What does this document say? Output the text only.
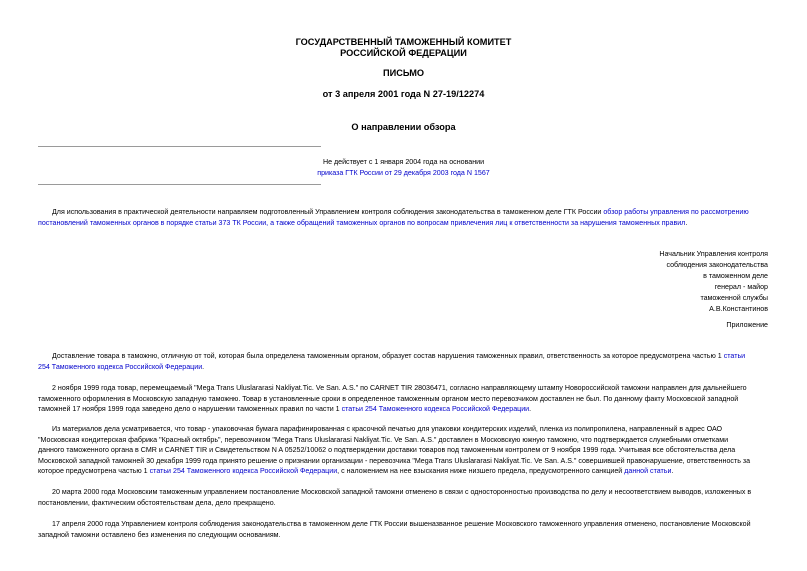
ГОСУДАРСТВЕННЫЙ ТАМОЖЕННЫЙ КОМИТЕТ
РОССИЙСКОЙ ФЕДЕРАЦИИ
ПИСЬМО
от 3 апреля 2001 года N 27-19/12274
О направлении обзора
Не действует с 1 января 2004 года на основании
приказа ГТК России от 29 декабря 2003 года N 1567
Для использования в практической деятельности направляем подготовленный Управлением контроля соблюдения законодательства в таможенном деле ГТК России обзор работы управления по рассмотрению
постановлений таможенных органов в порядке статьи 373 ТК России, а также обращений таможенных органов по вопросам привлечения лиц к ответственности за нарушения таможенных правил.
Начальник Управления контроля
соблюдения законодательства
в таможенном деле
генерал - майор
таможенной службы
А.В.Константинов
Приложение
Доставление товара в таможню, отличную от той, которая была определена таможенным органом, образует состав нарушения таможенных правил, ответственность за которое предусмотрена частью 1 статьи
254 Таможенного кодекса Российской Федерации.
2 ноября 1999 года товар, перемещаемый "Mega Trans Uluslararasi Nakliyat.Tic. Ve San. A.S." по CARNET TIR 28036471, согласно направляющему штампу Новороссийской таможни направлен для дальнейшего
таможенного оформления в Московскую западную таможню. Товар в установленные сроки в определенное таможенным органом место перевозчиком доставлен не был. По данному факту Московской западной
таможней 17 ноября 1999 года заведено дело о нарушении таможенных правил по части 1 статьи 254 Таможенного кодекса Российской Федерации.
Из материалов дела усматривается, что товар - упаковочная бумага парафинированная с красочной печатью для упаковки кондитерских изделий, пленка из полипропилена, направленный в адрес ОАО
"Московская кондитерская фабрика "Красный октябрь", перевозчиком "Mega Trans Uluslararasi Nakliyat.Tic. Ve San. A.S." доставлен в Московскую южную таможню, что подтверждается служебными отметками
данного таможенного органа в CMR и CARNET TIR и Свидетельством N A 05252/10062 о подтверждении доставки товаров под таможенным контролем от 9 ноября 1999 года. Учитывая все обстоятельства дела
Московской западной таможней 30 декабря 1999 года принято решение о признании организации - перевозчика "Mega Trans Uluslararasi Nakliyat.Tic. Ve San. A.S." совершившей правонарушение, ответственность за
которое предусмотрена частью 1 статьи 254 Таможенного кодекса Российской Федерации, с наложением на нее взыскания ниже низшего предела, предусмотренного санкцией данной статьи.
20 марта 2000 года Московским таможенным управлением постановление Московской западной таможни отменено в связи с односторонностью производства по делу и несоответствием выводов, изложенных в
постановлении, фактическим обстоятельствам дела, дело прекращено.
17 апреля 2000 года Управлением контроля соблюдения законодательства в таможенном деле ГТК России вышеназванное решение Московского таможенного управления отменено, постановление Московской
западной таможни оставлено без изменения по следующим основаниям.
